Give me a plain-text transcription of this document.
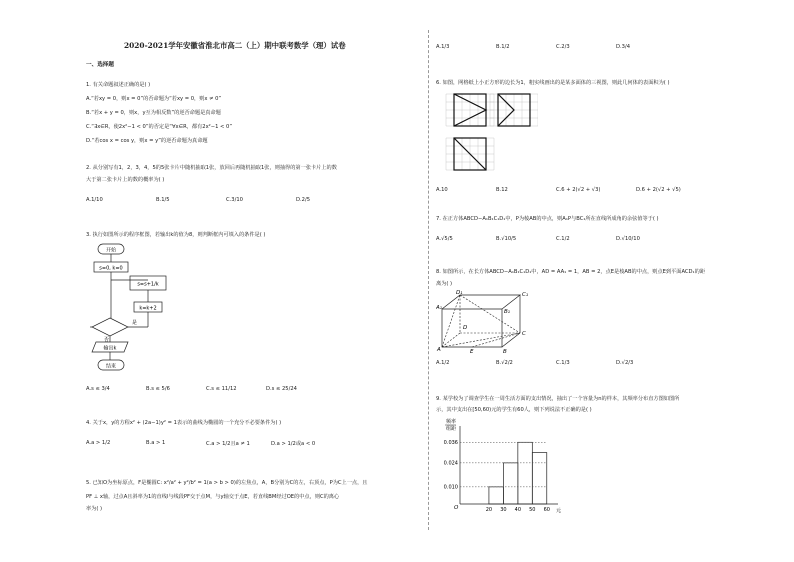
2020-2021学年安徽省淮北市高二（上）期中联考数学（理）试卷
一、选择题
1. 有关命题叙述正确的是( )
A.“若xy = 0，则x = 0”的否命题为“若xy = 0，则x ≠ 0”
B.“若x + y = 0，则x，y互为相反数”的逆否命题是真命题
C.“∃x∈R，使2x²−1 < 0”的否定是“∀x∈R，都有2x²−1 < 0”
D.“若cos x = cos y，则x = y”的逆否命题为真命题
2. 从分别写有1，2，3，4，5的5张卡片中随机抽取1张，放回后再随机抽取1张，则抽得的第一张卡片上的数
大于第二张卡片上的数的概率为( )
A.1/10	B.1/5	C.3/10	D.2/5
3. 执行如图所示的程序框图，若输出k的值为8，则判断框内可填入的条件是( )
开始
s=0, k=0
s=s+1/k
k=k+2
是
否
输出k
结束
A.s ≤ 3/4	B.s ≤ 5/6	C.s ≤ 11/12	D.s ≤ 25/24
4. 关于x，y的方程x² + (2a−1)y² = 1表示的曲线为椭圆的一个充分不必要条件为( )
A.a > 1/2	B.a > 1	C.a > 1/2且a ≠ 1	D.a > 1/2或a < 0
5. 已知O为坐标原点，F是椭圆C: x²/a² + y²/b² = 1(a > b > 0)的左焦点，A，B分别为C的左，右顶点，P为C上一点，且
PF ⊥ x轴，过点A且斜率为1的直线l与线段PF交于点M，与y轴交于点E，若直线BM经过OE的中点，则C的离心
率为( )
A.1/3	B.1/2	C.2/3	D.3/4
6. 如图，网格纸上小正方形的边长为1，粗实线画出的是某多面体的三视图，则此几何体的表面积为( )
A.10	B.12	C.6 + 2(√2 + √3)	D.6 + 2(√2 + √5)
7. 在正方体ABCD−A₁B₁C₁D₁中，P为棱AB的中点，则A₁P与BC₁所在直线所成角的余弦值等于( )
A.√5/5	B.√10/5	C.1/2	D.√10/10
8. 如图所示，在长方体ABCD−A₁B₁C₁D₁中，AD = AA₁ = 1，AB = 2，点E是棱AB的中点，则点E到平面ACD₁的距
离为( )
D₁	C₁
B₁
A₁
D
C
A	E	B
A.1/2	B.√2/2	C.1/3	D.√2/3
9. 某学校为了调查学生在一周生活方面的支出情况，抽出了一个容量为n的样本，其频率分布直方图如图所
示，其中支出在[50,60)元的学生有60人，则下列说法不正确的是( )
频率
组距
O	元
0.010
0.024
0.036
20 30 40 50 60
